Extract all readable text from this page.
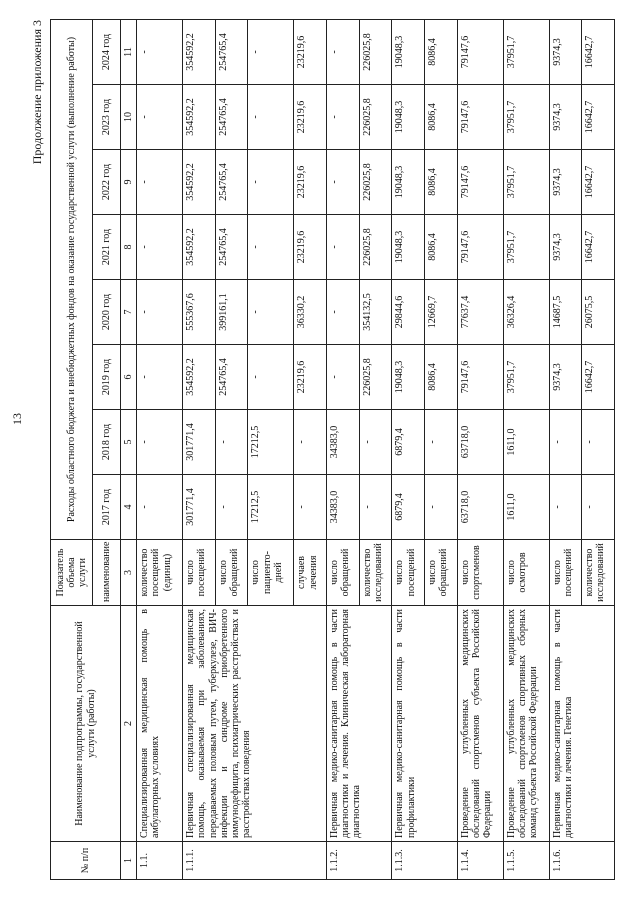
13
Продолжение приложения 3
№ п/п	Наименование подпрограммы, государственной услуги (работы)	Показатель объема услуги	Расходы областного бюджета и внебюджетных фондов на оказание государственной услуги (выполнение работы)							
		наименование	2017 год	2018 год	2019 год	2020 год	2021 год	2022 год	2023 год	2024 год
1	2	3	4	5	6	7	8	9	10	11
1.1.	Специализированная медицинская помощь в амбулаторных условиях	количество посещений (единиц)	-	-	-	-	-	-	-	-
1.1.1.	Первичная специализированная медицинская помощь, оказываемая при заболеваниях, передаваемых половым путем, туберкулезе, ВИЧ-инфекции и синдроме приобретенного иммунодефицита, психиатрических расстройствах и расстройствах поведения	число посещений	301771,4	301771,4	354592,2	555367,6	354592,2	354592,2	354592,2	354592,2
		число обращений	-	-	254765,4	399161,1	254765,4	254765,4	254765,4	254765,4
		число пациенто-дней	17212,5	17212,5	-	-	-	-	-	-
		случаев лечения	-	-	23219,6	36330,2	23219,6	23219,6	23219,6	23219,6
1.1.2.	Первичная медико-санитарная помощь в части диагностики и лечения. Клиническая лабораторная диагностика	число обращений	34383,0	34383,0	-	-	-	-	-	-
		количество исследований	-	-	226025,8	354132,5	226025,8	226025,8	226025,8	226025,8
1.1.3.	Первичная медико-санитарная помощь в части профилактики	число посещений	6879,4	6879,4	19048,3	29844,6	19048,3	19048,3	19048,3	19048,3
		число обращений	-	-	8086,4	12669,7	8086,4	8086,4	8086,4	8086,4
1.1.4.	Проведение углубленных медицинских обследований спортсменов субъекта Российской Федерации	число спортсменов	63718,0	63718,0	79147,6	77637,4	79147,6	79147,6	79147,6	79147,6
1.1.5.	Проведение углубленных медицинских обследований спортсменов спортивных сборных команд субъекта Российской Федерации	число осмотров	1611,0	1611,0	37951,7	36326,4	37951,7	37951,7	37951,7	37951,7
1.1.6.	Первичная медико-санитарная помощь в части диагностики и лечения. Генетика	число посещений	-	-	9374,3	14687,5	9374,3	9374,3	9374,3	9374,3
		количество исследований	-	-	16642,7	26075,5	16642,7	16642,7	16642,7	16642,7
